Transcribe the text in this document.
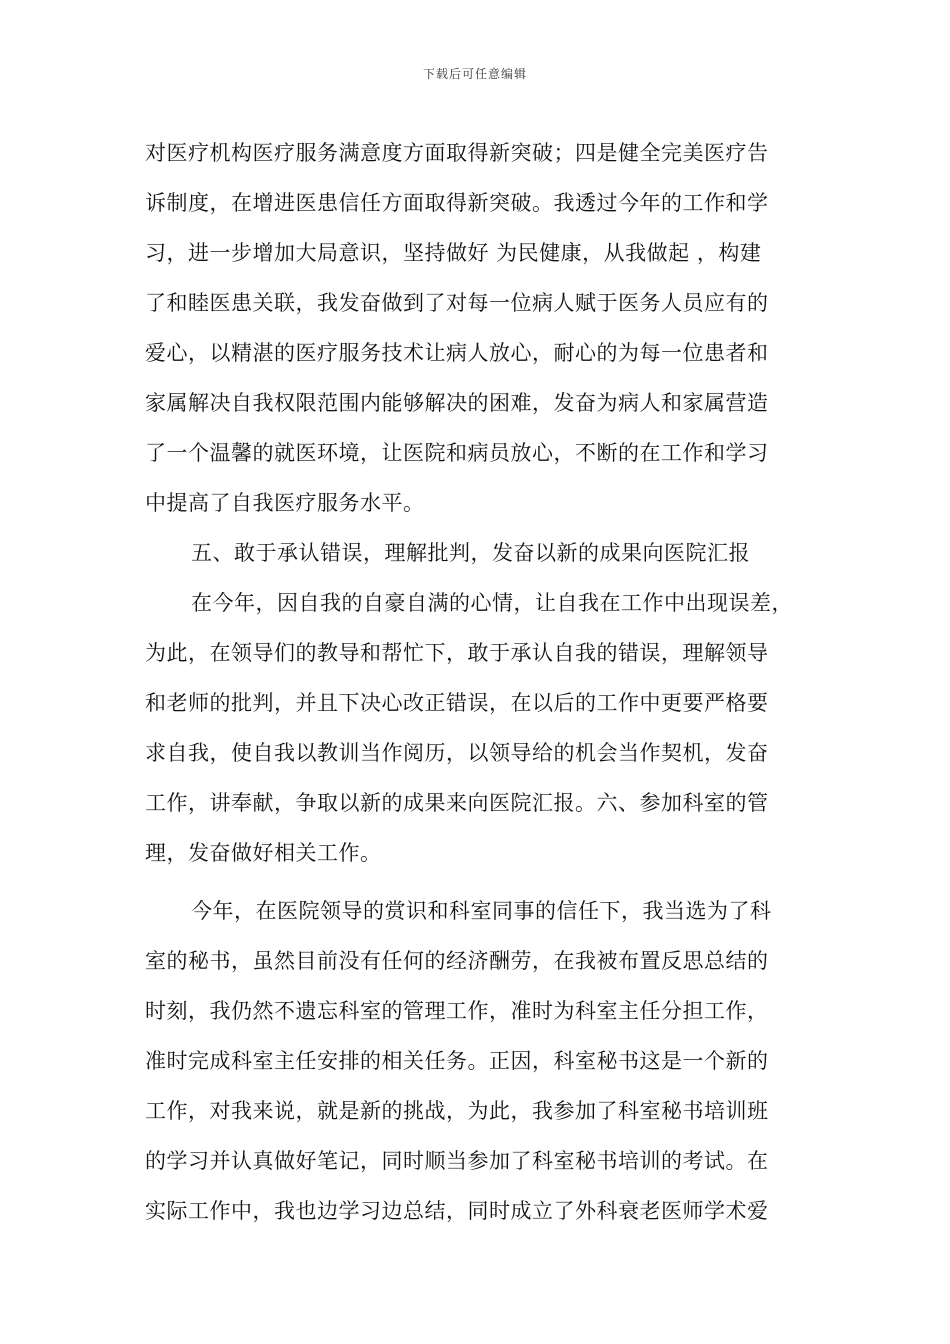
下载后可任意编辑
对医疗机构医疗服务满意度方面取得新突破；四是健全完美医疗告
诉制度，在增进医患信任方面取得新突破。我透过今年的工作和学
习，进一步增加大局意识，坚持做好 为民健康，从我做起 ，构建
了和睦医患关联，我发奋做到了对每一位病人赋于医务人员应有的
爱心，以精湛的医疗服务技术让病人放心，耐心的为每一位患者和
家属解决自我权限范围内能够解决的困难，发奋为病人和家属营造
了一个温馨的就医环境，让医院和病员放心，不断的在工作和学习
中提高了自我医疗服务水平。
五、敢于承认错误，理解批判，发奋以新的成果向医院汇报
在今年，因自我的自豪自满的心情，让自我在工作中出现误差，
为此，在领导们的教导和帮忙下，敢于承认自我的错误，理解领导
和老师的批判，并且下决心改正错误，在以后的工作中更要严格要
求自我，使自我以教训当作阅历，以领导给的机会当作契机，发奋
工作，讲奉献，争取以新的成果来向医院汇报。六、参加科室的管
理，发奋做好相关工作。
今年，在医院领导的赏识和科室同事的信任下，我当选为了科
室的秘书，虽然目前没有任何的经济酬劳，在我被布置反思总结的
时刻，我仍然不遗忘科室的管理工作，准时为科室主任分担工作，
准时完成科室主任安排的相关任务。正因，科室秘书这是一个新的
工作，对我来说，就是新的挑战，为此，我参加了科室秘书培训班
的学习并认真做好笔记，同时顺当参加了科室秘书培训的考试。在
实际工作中，我也边学习边总结，同时成立了外科衰老医师学术爱
